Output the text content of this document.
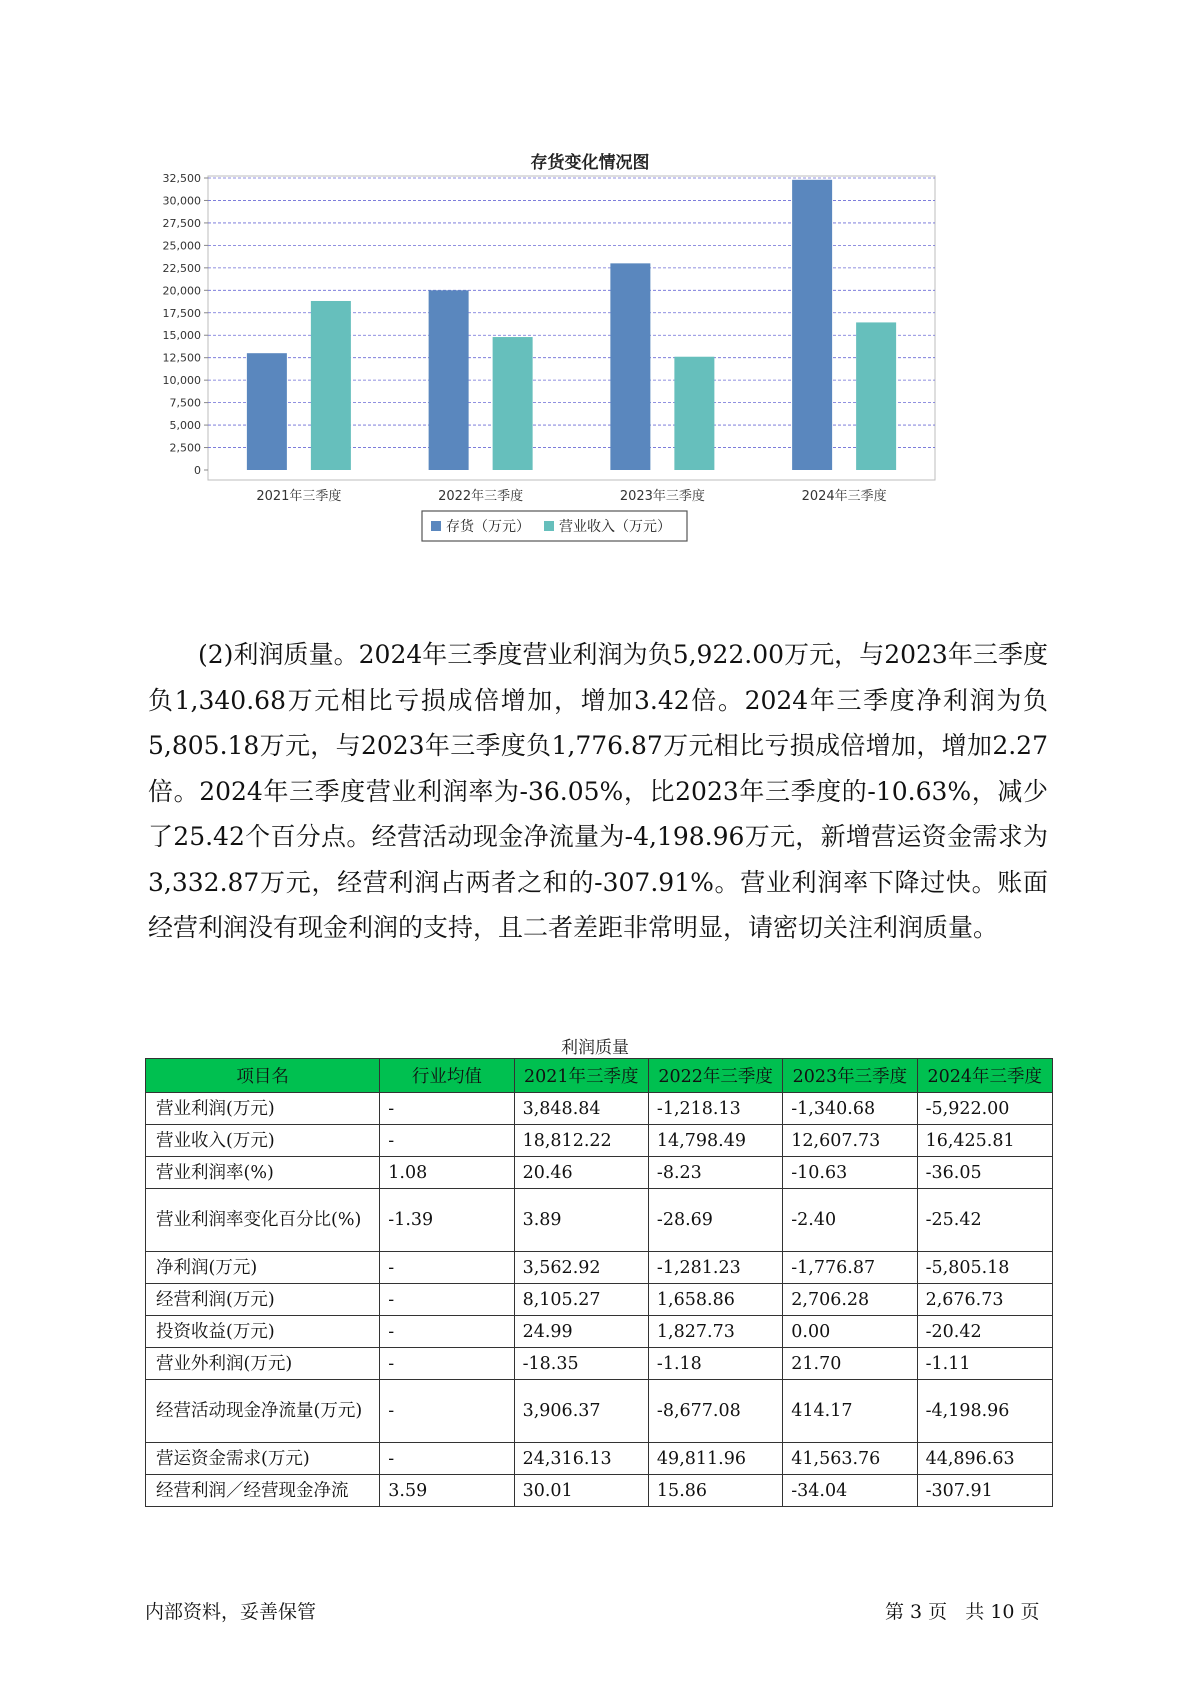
存货变化情况图
0
2,500
5,000
7,500
10,000
12,500
15,000
17,500
20,000
22,500
25,000
27,500
30,000
32,500
2021年三季度	2022年三季度	2023年三季度	2024年三季度
存货（万元） 营业收入（万元）

(2)利润质量。2024年三季度营业利润为负5,922.00万元，与2023年三季度负1,340.68万元相比亏损成倍增加，增加3.42倍。2024年三季度净利润为负5,805.18万元，与2023年三季度负1,776.87万元相比亏损成倍增加，增加2.27倍。2024年三季度营业利润率为-36.05%，比2023年三季度的-10.63%，减少了25.42个百分点。经营活动现金净流量为-4,198.96万元，新增营运资金需求为3,332.87万元，经营利润占两者之和的-307.91%。营业利润率下降过快。账面经营利润没有现金利润的支持，且二者差距非常明显，请密切关注利润质量。

利润质量
项目名	行业均值	2021年三季度	2022年三季度	2023年三季度	2024年三季度
营业利润(万元)	-	3,848.84	-1,218.13	-1,340.68	-5,922.00
营业收入(万元)	-	18,812.22	14,798.49	12,607.73	16,425.81
营业利润率(%)	1.08	20.46	-8.23	-10.63	-36.05
营业利润率变化百分比(%)	-1.39	3.89	-28.69	-2.40	-25.42
净利润(万元)	-	3,562.92	-1,281.23	-1,776.87	-5,805.18
经营利润(万元)	-	8,105.27	1,658.86	2,706.28	2,676.73
投资收益(万元)	-	24.99	1,827.73	0.00	-20.42
营业外利润(万元)	-	-18.35	-1.18	21.70	-1.11
经营活动现金净流量(万元)	-	3,906.37	-8,677.08	414.17	-4,198.96
营运资金需求(万元)	-	24,316.13	49,811.96	41,563.76	44,896.63
经营利润／经营现金净流	3.59	30.01	15.86	-34.04	-307.91
内部资料，妥善保管	第 3 页   共 10 页
